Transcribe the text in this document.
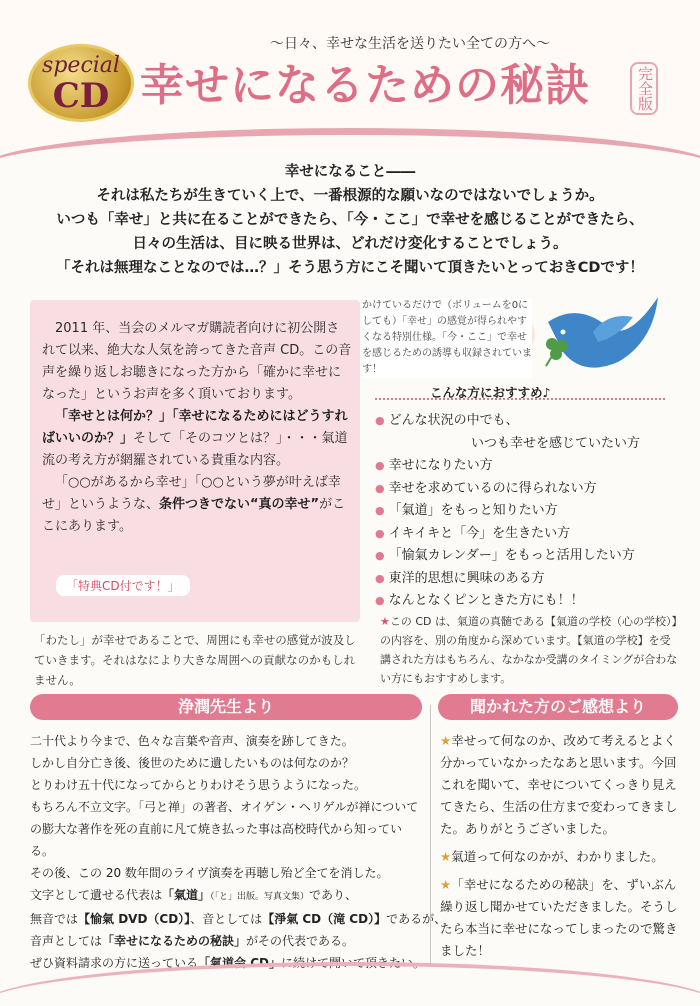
special
CD
～日々、幸せな生活を送りたい全ての方へ～
幸せになるための秘訣	完全版
幸せになること――
それは私たちが生きていく上で、一番根源的な願いなのではないでしょうか。
いつも「幸せ」と共に在ることができたら、「今・ここ」で幸せを感じることができたら、
日々の生活は、目に映る世界は、どれだけ変化することでしょう。
「それは無理なことなのでは…？」そう思う方にこそ聞いて頂きたいとっておきCDです！

2011 年、当会のメルマガ購読者向けに初公開されて以来、絶大な人気を誇ってきた音声 CD。この音声を繰り返しお聴きになった方から「確かに幸せになった」というお声を多く頂いております。

「幸せとは何か？」「幸せになるためにはどうすればいいのか？」そして「そのコツとは？」・・・氣道流の考え方が網羅されている貴重な内容。

「○○があるから幸せ」「○○という夢が叶えば幸せ」というような、条件つきでない“真の幸せ”がここにあります。

「特典CD付です！」
「わたし」が幸せであることで、周囲にも幸せの感覚が波及していきます。それはなにより大きな周囲への貢献なのかもしれません。
かけているだけで（ボリュームを0にしても）「幸せ」の感覚が得られやすくなる特別仕様。「今・ここ」で幸せを感じるための誘導も収録されています！
こんな方におすすめ♪
● どんな状況の中でも、
いつも幸せを感じていたい方
● 幸せになりたい方
● 幸せを求めているのに得られない方
● 「氣道」をもっと知りたい方
● イキイキと「今」を生きたい方
● 「愉氣カレンダー」をもっと活用したい方
● 東洋的思想に興味のある方
● なんとなくピンときた方にも！！
★この CD は、氣道の真髄である【氣道の学校（心の学校）】の内容を、別の角度から深めています。【氣道の学校】を受講された方はもちろん、なかなか受講のタイミングが合わない方にもおすすめします。
浄潤先生より	聞かれた方のご感想より
二十代より今まで、色々な言葉や音声、演奏を跡してきた。
しかし自分亡き後、後世のために遺したいものは何なのか？
とりわけ五十代になってからとりわけそう思うようになった。
もちろん不立文字。「弓と禅」の著者、オイゲン・ヘリゲルが禅についての膨大な著作を死の直前に凡て焼き払った事は高校時代から知っている。
その後、この 20 数年間のライヴ演奏を再聴し殆ど全てを消した。
文字として遺せる代表は「氣道」（「と」出版。写真文集）であり、
無音では【愉氣 DVD（CD）】、音としては【淨氣 CD（滝 CD）】であるが、
音声としては「幸せになるための秘訣」がその代表である。
ぜひ資料請求の方に送っている「氣道会 CD」に続けて聞いて頂きたい。
★幸せって何なのか、改めて考えるとよく分かっていなかったなあと思います。今回これを聞いて、幸せについてくっきり見えてきたら、生活の仕方まで変わってきました。ありがとうございました。
★氣道って何なのかが、わかりました。
★「幸せになるための秘訣」を、ずいぶん繰り返し聞かせていただきました。そうしたら本当に幸せになってしまったので驚きました！
